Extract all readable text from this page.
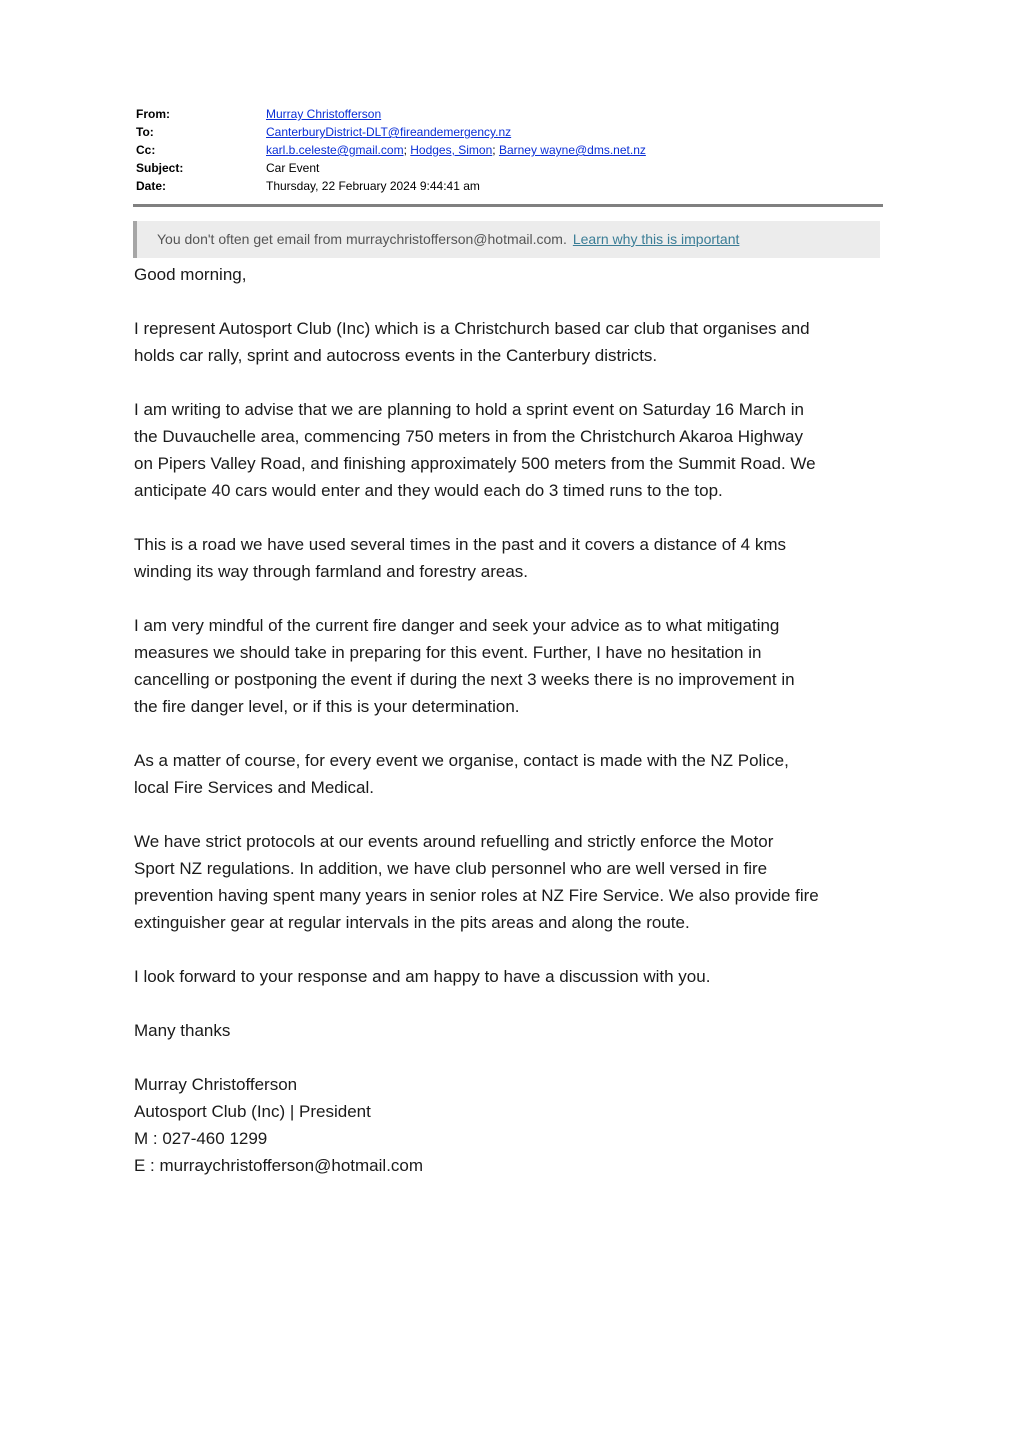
From:	Murray Christofferson
To:	CanterburyDistrict-DLT@fireandemergency.nz
Cc:	karl.b.celeste@gmail.com; Hodges, Simon; Barney wayne@dms.net.nz
Subject:	Car Event
Date:	Thursday, 22 February 2024 9:44:41 am
You don't often get email from murraychristofferson@hotmail.com. Learn why this is important

Good morning,

I represent Autosport Club (Inc) which is a Christchurch based car club that organises and
holds car rally, sprint and autocross events in the Canterbury districts.

I am writing to advise that we are planning to hold a sprint event on Saturday 16 March in
the Duvauchelle area, commencing 750 meters in from the Christchurch Akaroa Highway
on Pipers Valley Road, and finishing approximately 500 meters from the Summit Road. We
anticipate 40 cars would enter and they would each do 3 timed runs to the top.

This is a road we have used several times in the past and it covers a distance of 4 kms
winding its way through farmland and forestry areas.

I am very mindful of the current fire danger and seek your advice as to what mitigating
measures we should take in preparing for this event. Further, I have no hesitation in
cancelling or postponing the event if during the next 3 weeks there is no improvement in
the fire danger level, or if this is your determination.

As a matter of course, for every event we organise, contact is made with the NZ Police,
local Fire Services and Medical.

We have strict protocols at our events around refuelling and strictly enforce the Motor
Sport NZ regulations. In addition, we have club personnel who are well versed in fire
prevention having spent many years in senior roles at NZ Fire Service. We also provide fire
extinguisher gear at regular intervals in the pits areas and along the route.

I look forward to your response and am happy to have a discussion with you.

Many thanks

Murray Christofferson
Autosport Club (Inc) | President
M : 027-460 1299
E : murraychristofferson@hotmail.com
